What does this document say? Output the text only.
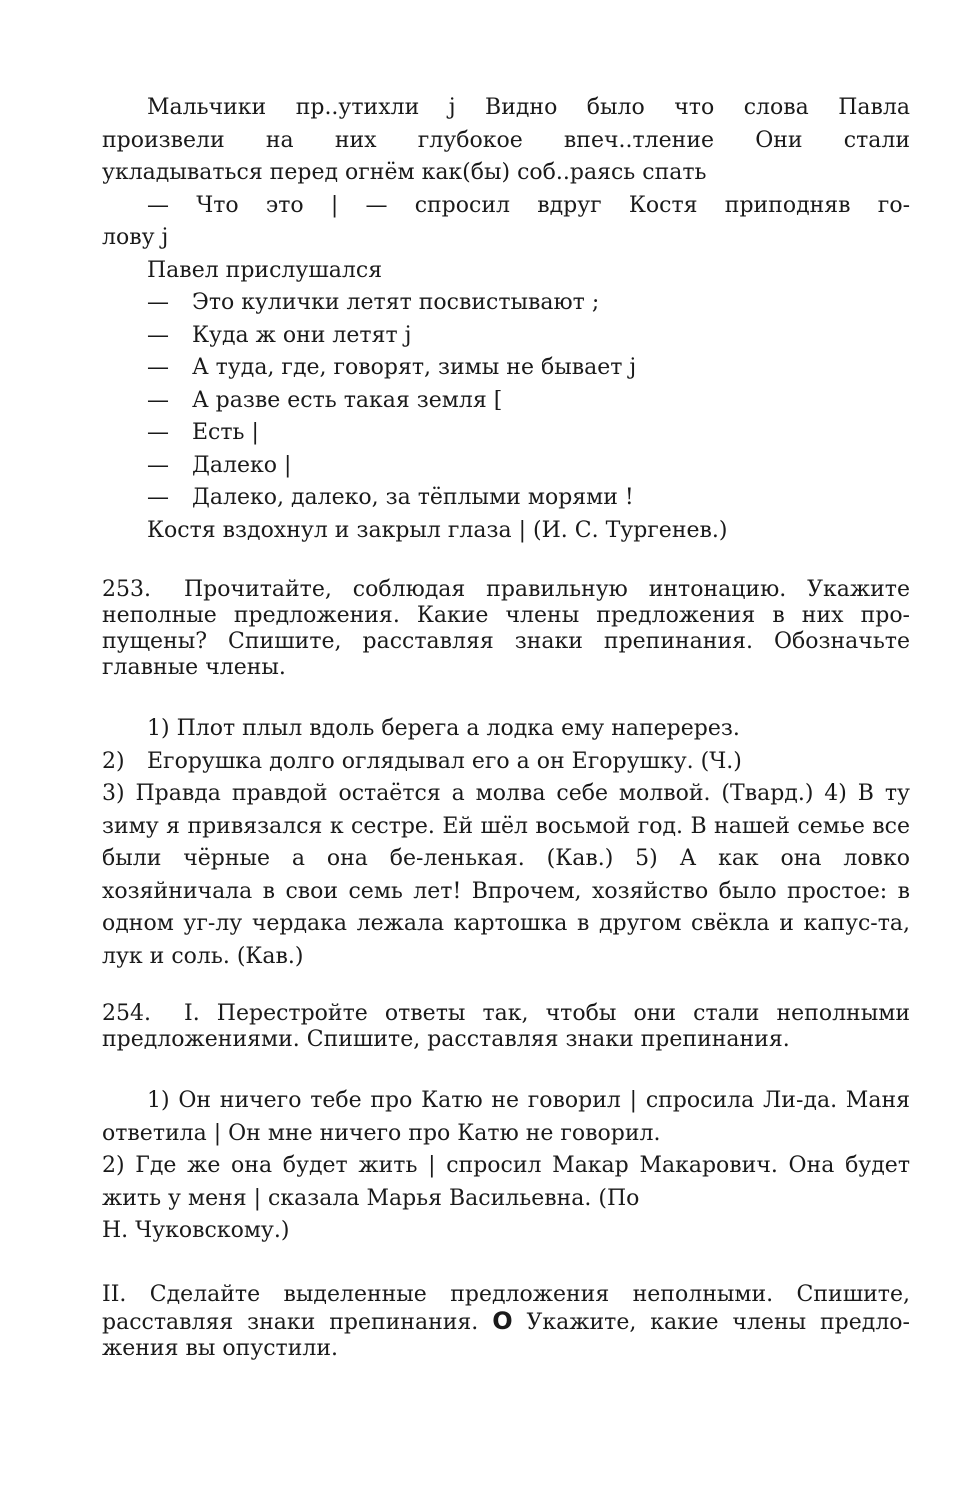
Мальчики пр..утихли j Видно было что слова Павла
произвели на них глубокое впеч..тление Они стали
укладываться перед огнём как(бы) соб..раясь спать
— Что это | — спросил вдруг Костя приподняв го-
лову j
Павел прислушался
—	Это кулички летят посвистывают ;
—	Куда ж они летят j
—	А туда, где, говорят, зимы не бывает j
—	А разве есть такая земля [
—	Есть |
—	Далеко |
—	Далеко, далеко, за тёплыми морями !
Костя вздохнул и закрыл глаза | (И. С. Тургенев.)
253. Прочитайте, соблюдая правильную интонацию. Укажите неполные предложения. Какие члены предложения в них про-пущены? Спишите, расставляя знаки препинания. Обозначьте главные члены.
1) Плот плыл вдоль берега а лодка ему наперерез.
2) Егорушка долго оглядывал его а он Егорушку. (Ч.)
3) Правда правдой остаётся а молва себе молвой. (Твард.) 4) В ту зиму я привязался к сестре. Ей шёл восьмой год. В нашей семье все были чёрные а она бе-ленькая. (Кав.) 5) А как она ловко хозяйничала в свои семь лет! Впрочем, хозяйство было простое: в одном уг-лу чердака лежала картошка в другом свёкла и капус-та, лук и соль. (Кав.)
254. I. Перестройте ответы так, чтобы они стали неполными предложениями. Спишите, расставляя знаки препинания.
1) Он ничего тебе про Катю не говорил | спросила Ли-да. Маня ответила | Он мне ничего про Катю не говорил.
2) Где же она будет жить | спросил Макар Макарович. Она будет жить у меня | сказала Марья Васильевна. (По
Н. Чуковскому.)
II. Сделайте выделенные предложения неполными. Спишите, расставляя знаки препинания. О Укажите, какие члены предло-жения вы опустили.
